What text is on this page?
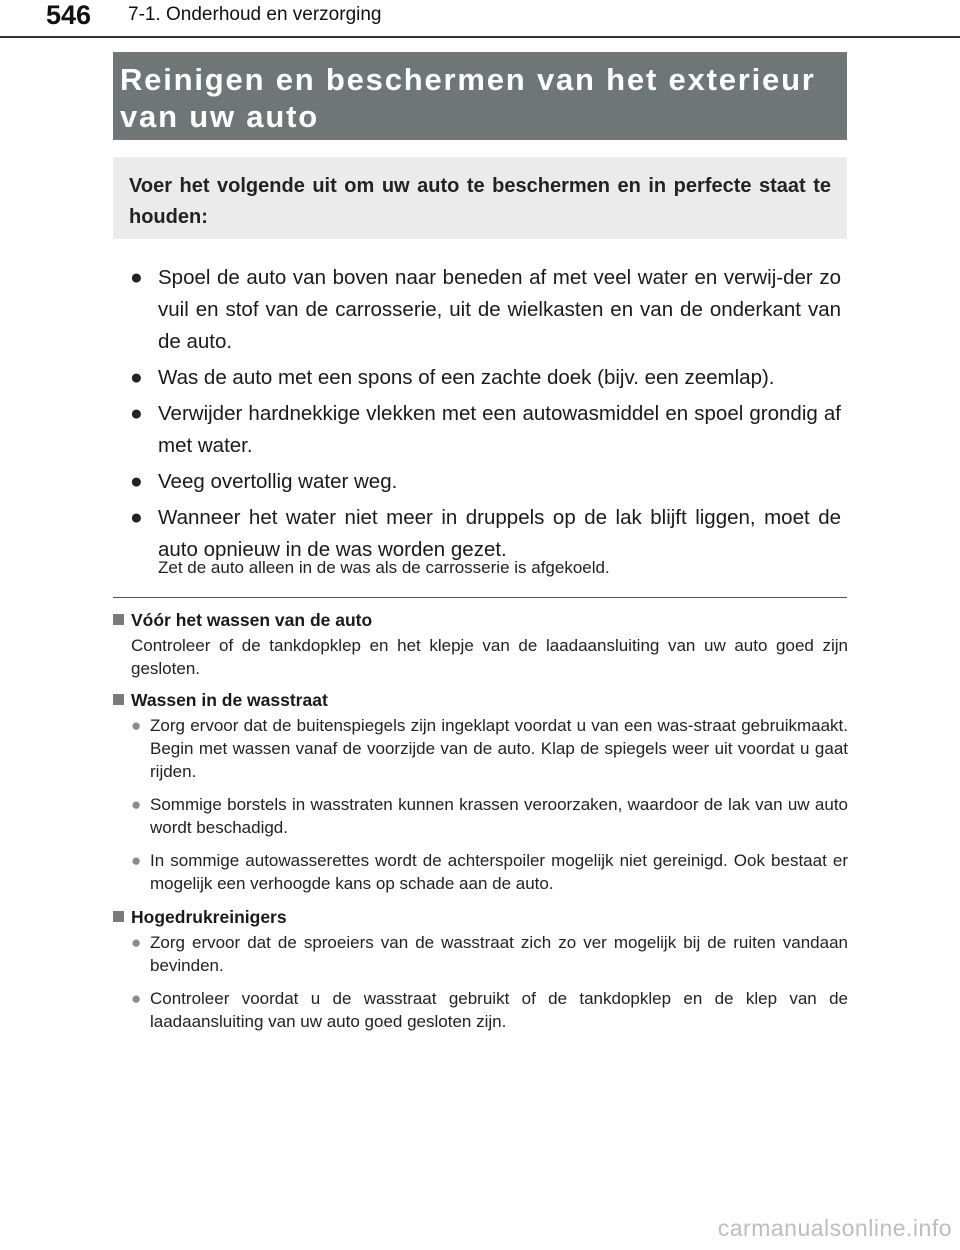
546 7-1. Onderhoud en verzorging
Reinigen en beschermen van het exterieur
van uw auto
Voer het volgende uit om uw auto te beschermen en in perfecte staat te houden:
● Spoel de auto van boven naar beneden af met veel water en verwij-der zo vuil en stof van de carrosserie, uit de wielkasten en van de onderkant van de auto.
● Was de auto met een spons of een zachte doek (bijv. een zeemlap).
● Verwijder hardnekkige vlekken met een autowasmiddel en spoel grondig af met water.
● Veeg overtollig water weg.
● Wanneer het water niet meer in druppels op de lak blijft liggen, moet de auto opnieuw in de was worden gezet.
Zet de auto alleen in de was als de carrosserie is afgekoeld.
Vóór het wassen van de auto
Controleer of de tankdopklep en het klepje van de laadaansluiting van uw auto goed zijn gesloten.
Wassen in de wasstraat
● Zorg ervoor dat de buitenspiegels zijn ingeklapt voordat u van een was-straat gebruikmaakt. Begin met wassen vanaf de voorzijde van de auto. Klap de spiegels weer uit voordat u gaat rijden.
● Sommige borstels in wasstraten kunnen krassen veroorzaken, waardoor de lak van uw auto wordt beschadigd.
● In sommige autowasserettes wordt de achterspoiler mogelijk niet gereinigd. Ook bestaat er mogelijk een verhoogde kans op schade aan de auto.
Hogedrukreinigers
● Zorg ervoor dat de sproeiers van de wasstraat zich zo ver mogelijk bij de ruiten vandaan bevinden.
● Controleer voordat u de wasstraat gebruikt of de tankdopklep en de klep van de laadaansluiting van uw auto goed gesloten zijn.
carmanualsonline.info
